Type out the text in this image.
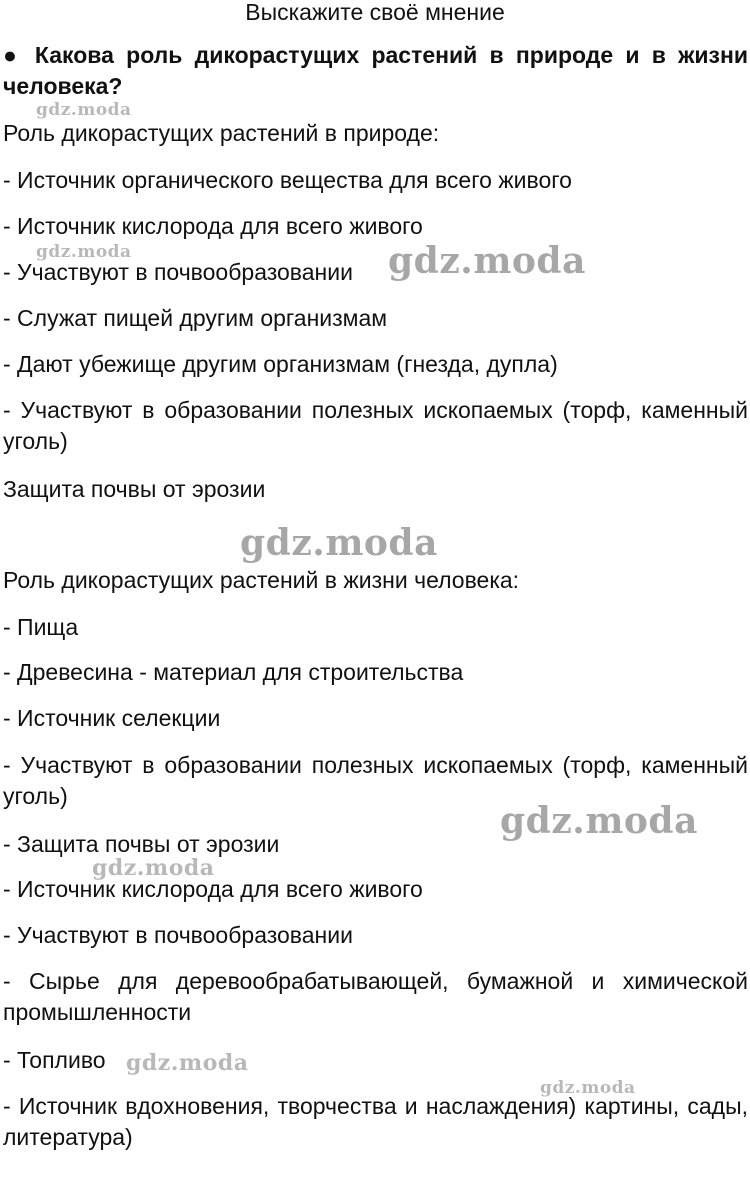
Выскажите своё мнение

● Какова роль дикорастущих растений в природе и в жизни человека?

Роль дикорастущих растений в природе:

- Источник органического вещества для всего живого

- Источник кислорода для всего живого

- Участвуют в почвообразовании

- Служат пищей другим организмам

- Дают убежище другим организмам (гнезда, дупла)

- Участвуют в образовании полезных ископаемых (торф, каменный уголь)

Защита почвы от эрозии

Роль дикорастущих растений в жизни человека:

- Пища

- Древесина - материал для строительства

- Источник селекции

- Участвуют в образовании полезных ископаемых (торф, каменный уголь)

- Защита почвы от эрозии

- Источник кислорода для всего живого

- Участвуют в почвообразовании

- Сырье для деревообрабатывающей, бумажной и химической промышленности

- Топливо

- Источник вдохновения, творчества и наслаждения) картины, сады, литература)

gdz.moda
gdz.moda	gdz.moda
gdz.moda
gdz.moda
gdz.moda
gdz.moda
gdz.moda
